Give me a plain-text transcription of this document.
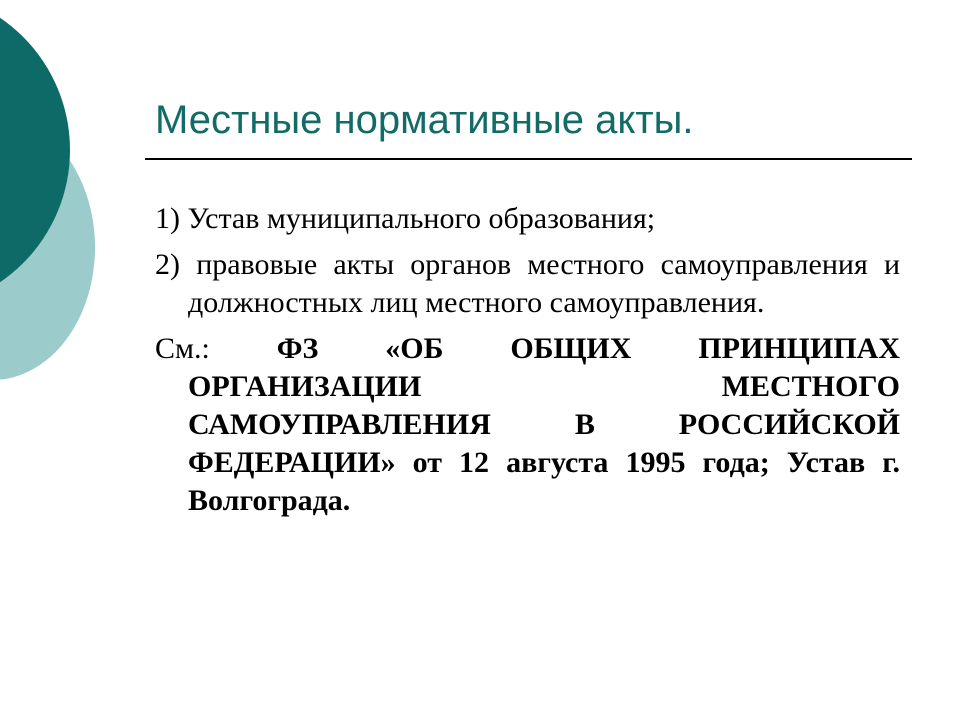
Местные нормативные акты.

1) Устав муниципального образования;

2) правовые акты органов местного самоуправления и должностных лиц местного самоуправления.

См.: ФЗ «ОБ ОБЩИХ ПРИНЦИПАХ ОРГАНИЗАЦИИ МЕСТНОГО САМОУПРАВЛЕНИЯ В РОССИЙСКОЙ ФЕДЕРАЦИИ» от 12 августа 1995 года; Устав г. Волгограда.
